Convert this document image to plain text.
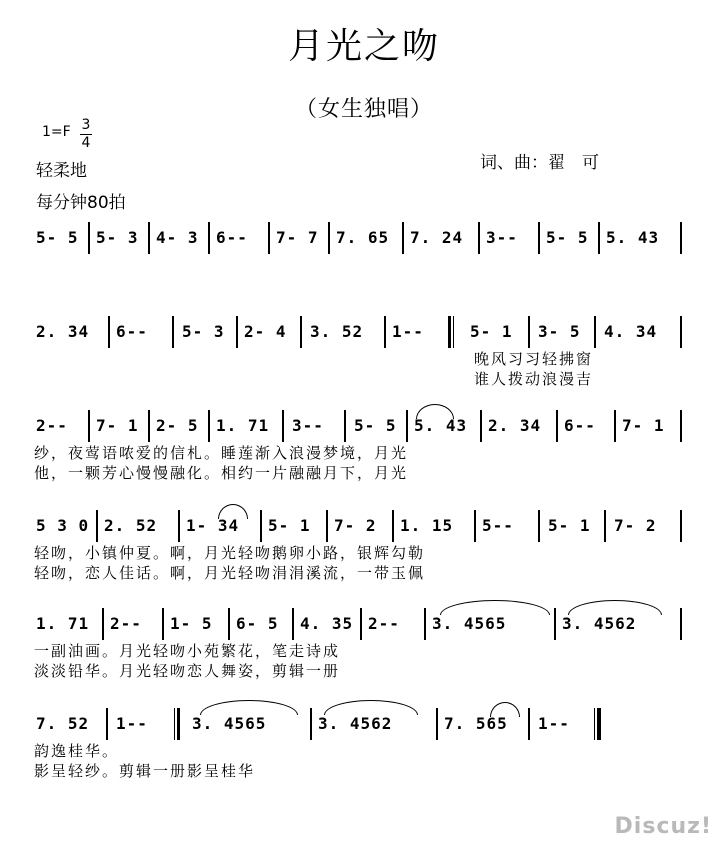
月光之吻
（女生独唱）
1=F 3
4
轻柔地
每分钟80拍
词、曲：翟　可
5- 5 5- 3 4- 3 6-- 7- 7 7. 65 7. 24 3-- 5- 5 5. 43
2. 34 6-- 5- 3 2- 4 3. 52 1--	5- 1 3- 5 4. 34
晚风习习轻拂窗
谁人拨动浪漫吉
2-- 7- 1 2- 5 1. 71 3-- 5- 5 5. 43 2. 34 6-- 7- 1
纱，夜莺语哝爱的信札。睡莲渐入浪漫梦境，月光
他，一颗芳心慢慢融化。相约一片融融月下，月光
5 3 0 2. 52 1- 34 5- 1 7- 2 1. 15 5-- 5- 1 7- 2
轻吻，小镇仲夏。啊，月光轻吻鹅卵小路，银辉勾勒
轻吻，恋人佳话。啊，月光轻吻涓涓溪流，一带玉佩
1. 71 2-- 1- 5 6- 5 4. 35 2-- 3. 4565	3. 4562
一副油画。月光轻吻小苑繁花，笔走诗成
淡淡铅华。月光轻吻恋人舞姿，剪辑一册
7. 52 1--	3. 4565	3. 4562	7. 565 1--
韵逸桂华。
影呈轻纱。剪辑一册影呈桂华
Discuz!
